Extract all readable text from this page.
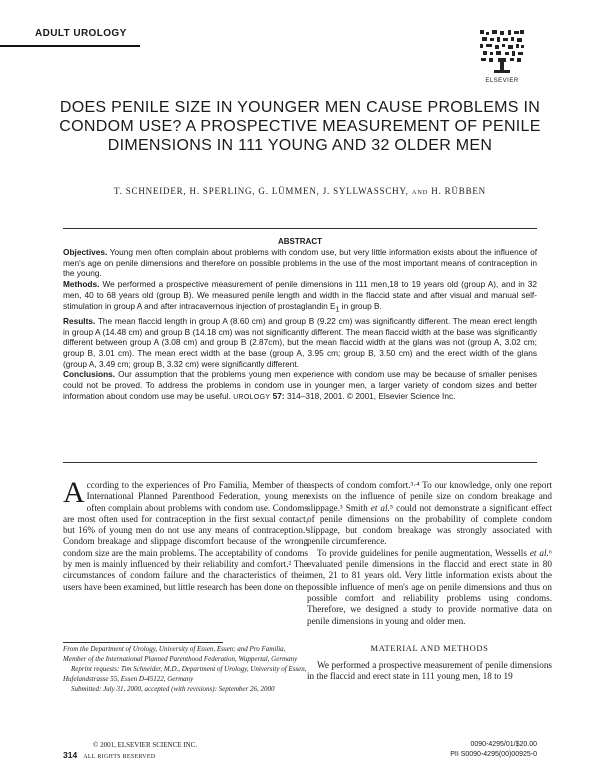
ADULT UROLOGY
ELSEVIER
DOES PENILE SIZE IN YOUNGER MEN CAUSE PROBLEMS IN CONDOM USE? A PROSPECTIVE MEASUREMENT OF PENILE DIMENSIONS IN 111 YOUNG AND 32 OLDER MEN
T. SCHNEIDER, H. SPERLING, G. LÜMMEN, J. SYLLWASSCHY, AND H. RÜBBEN
ABSTRACT

Objectives. Young men often complain about problems with condom use, but very little information exists about the influence of men's age on penile dimensions and therefore on possible problems in the use of the most important means of contraception in the young.

Methods. We performed a prospective measurement of penile dimensions in 111 men,18 to 19 years old (group A), and in 32 men, 40 to 68 years old (group B). We measured penile length and width in the flaccid state and after visual and manual self-stimulation in group A and after intracavernous injection of prostaglandin $E_1$ in group B.

Results. The mean flaccid length in group A (8.60 cm) and group B (9.22 cm) was significantly different. The mean erect length in group A (14.48 cm) and group B (14.18 cm) was not significantly different. The mean flaccid width at the base was significantly different between group A (3.08 cm) and group B (2.87cm), but the mean flaccid width at the glans was not (group A, 3.02 cm; group B, 3.01 cm). The mean erect width at the base (group A, 3.95 cm; group B, 3.50 cm) and the erect width of the glans (group A, 3.49 cm; group B, 3.32 cm) were significantly different.

Conclusions. Our assumption that the problems young men experience with condom use may be because of smaller penises could not be proved. To address the problems in condom use in younger men, a larger variety of condom sizes and better information about condom use may be useful. UROLOGY 57: 314–318, 2001. © 2001, Elsevier Science Inc.

According to the experiences of Pro Familia, Member of the International Planned Parenthood Federation, young men often complain about problems with condom use. Condoms are most often used for contraception in the first sexual contact, but 16% of young men do not use any means of contraception.¹ Condom breakage and slippage discomfort because of the wrong condom size are the main problems. The acceptability of condoms by men is mainly influenced by their reliability and comfort.² The circumstances of condom failure and the characteristics of their users have been examined, but little research has been done on the

aspects of condom comfort.³·⁴ To our knowledge, only one report exists on the influence of penile size on condom breakage and slippage.³ Smith et al.⁵ could not demonstrate a significant effect of penile dimensions on the probability of complete condom slippage, but condom breakage was strongly associated with penile circumference.

To provide guidelines for penile augmentation, Wessells et al.⁶ evaluated penile dimensions in the flaccid and erect state in 80 men, 21 to 81 years old. Very little information exists about the possible influence of men's age on penile dimensions and thus on possible comfort and reliability problems using condoms. Therefore, we designed a study to provide normative data on penile dimensions in young and older men.

MATERIAL AND METHODS

We performed a prospective measurement of penile dimensions in the flaccid and erect state in 111 young men, 18 to 19

From the Department of Urology, University of Essen, Essen; and Pro Familia, Member of the International Planned Parenthood Federation, Wuppertal, Germany

Reprint requests: Tim Schneider, M.D., Department of Urology, University of Essen, Hufelandstrasse 55, Essen D-45122, Germany

Submitted: July 31, 2000, accepted (with revisions): September 26, 2000

© 2001, ELSEVIER SCIENCE INC.
314 ALL RIGHTS RESERVED
0090-4295/01/$20.00
PII S0090-4295(00)00925-0
